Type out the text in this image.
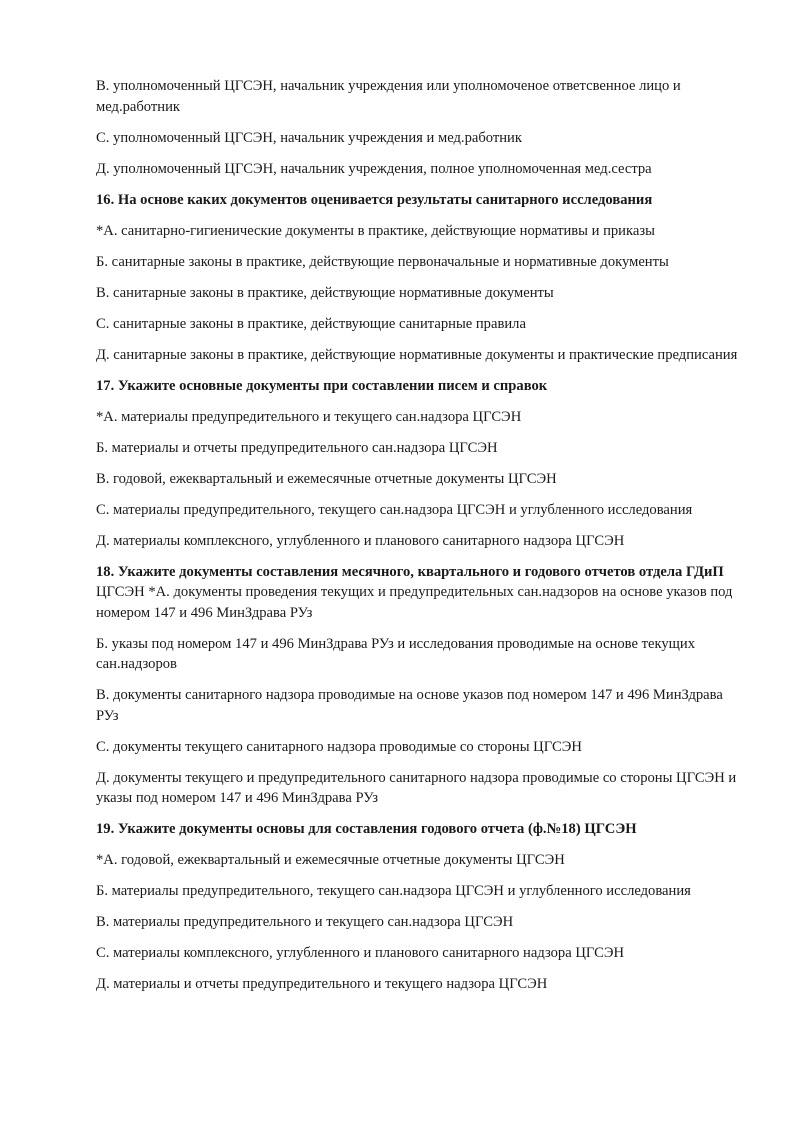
В. уполномоченный ЦГСЭН, начальник учреждения или уполномоченое ответсвенное лицо и мед.работник

С. уполномоченный ЦГСЭН, начальник учреждения и мед.работник

Д. уполномоченный ЦГСЭН, начальник учреждения, полное уполномоченная мед.сестра

16. На основе каких документов оценивается результаты санитарного исследования

*А. санитарно-гигиенические документы в практике, действующие нормативы и приказы

Б. санитарные законы в практике, действующие первоначальные и нормативные документы

В. санитарные законы в практике, действующие нормативные документы

С. санитарные законы в практике, действующие санитарные правила

Д. санитарные законы в практике, действующие нормативные документы и практические предписания

17. Укажите основные документы при составлении писем и справок

*А. материалы предупредительного и текущего сан.надзора ЦГСЭН

Б. материалы и отчеты предупредительного сан.надзора ЦГСЭН

В. годовой, ежеквартальный и ежемесячные отчетные документы ЦГСЭН

С. материалы предупредительного, текущего сан.надзора ЦГСЭН и углубленного исследования

Д. материалы комплексного, углубленного и планового санитарного надзора ЦГСЭН

18. Укажите документы составления месячного, квартального и годового отчетов отдела ГДиП ЦГСЭН *А. документы проведения текущих и предупредительных сан.надзоров на основе указов под номером 147 и 496 МинЗдрава РУз

Б. указы под номером 147 и 496 МинЗдрава РУз и исследования проводимые на основе текущих сан.надзоров

В. документы санитарного надзора проводимые на основе указов под номером 147 и 496 МинЗдрава РУз

С. документы текущего санитарного надзора проводимые со стороны ЦГСЭН

Д. документы текущего и предупредительного санитарного надзора проводимые со стороны ЦГСЭН и указы под номером 147 и 496 МинЗдрава РУз

19. Укажите документы основы для составления годового отчета (ф.№18) ЦГСЭН

*А. годовой, ежеквартальный и ежемесячные отчетные документы ЦГСЭН

Б. материалы предупредительного, текущего сан.надзора ЦГСЭН и углубленного исследования

В. материалы предупредительного и текущего сан.надзора ЦГСЭН

С. материалы комплексного, углубленного и планового санитарного надзора ЦГСЭН

Д. материалы и отчеты предупредительного и текущего надзора ЦГСЭН
